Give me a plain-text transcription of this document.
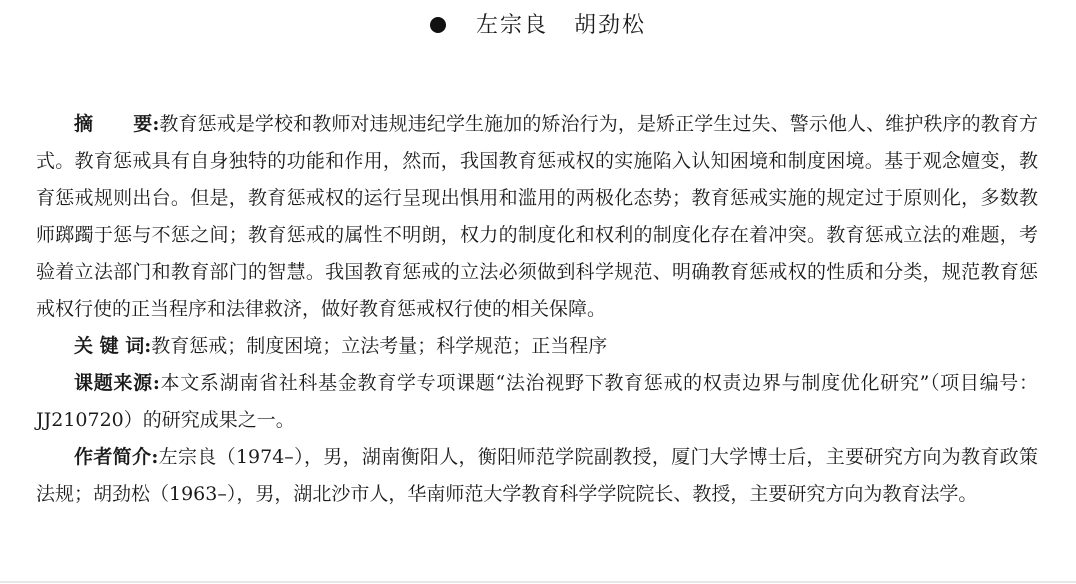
左宗良 胡劲松

摘 要:教育惩戒是学校和教师对违规违纪学生施加的矫治行为，是矫正学生过失、警示他人、维护秩序的教育方式。教育惩戒具有自身独特的功能和作用，然而，我国教育惩戒权的实施陷入认知困境和制度困境。基于观念嬗变，教育惩戒规则出台。但是，教育惩戒权的运行呈现出惧用和滥用的两极化态势；教育惩戒实施的规定过于原则化，多数教师踯躅于惩与不惩之间；教育惩戒的属性不明朗，权力的制度化和权利的制度化存在着冲突。教育惩戒立法的难题，考验着立法部门和教育部门的智慧。我国教育惩戒的立法必须做到科学规范、明确教育惩戒权的性质和分类，规范教育惩戒权行使的正当程序和法律救济，做好教育惩戒权行使的相关保障。

关 键 词:教育惩戒；制度困境；立法考量；科学规范；正当程序

课题来源:本文系湖南省社科基金教育学专项课题“法治视野下教育惩戒的权责边界与制度优化研究”（项目编号：JJ210720）的研究成果之一。

作者简介:左宗良（1974–），男，湖南衡阳人，衡阳师范学院副教授，厦门大学博士后，主要研究方向为教育政策法规；胡劲松（1963–），男，湖北沙市人，华南师范大学教育科学学院院长、教授，主要研究方向为教育法学。
